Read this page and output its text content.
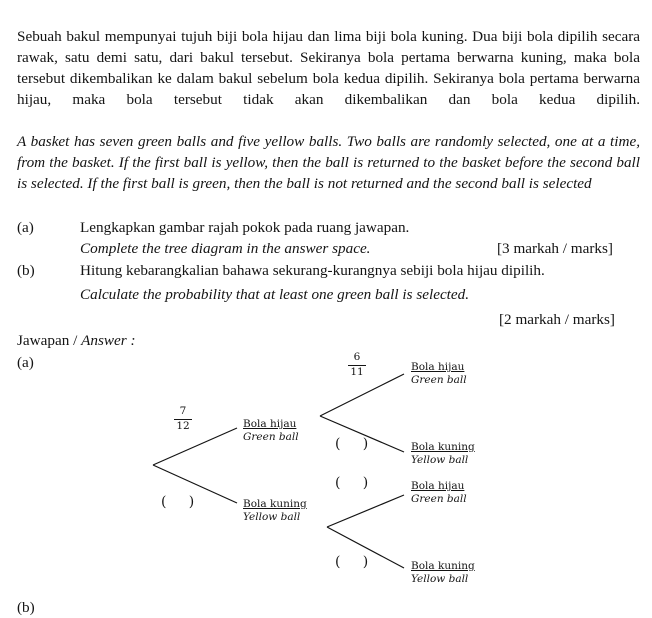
Sebuah bakul mempunyai tujuh biji bola hijau dan lima biji bola kuning. Dua biji bola dipilih secara rawak, satu demi satu, dari bakul tersebut. Sekiranya bola pertama berwarna kuning, maka bola tersebut dikembalikan ke dalam bakul sebelum bola kedua dipilih. Sekiranya bola pertama berwarna hijau, maka bola tersebut tidak akan dikembalikan dan bola kedua dipilih.
A basket has seven green balls and five yellow balls. Two balls are randomly selected, one at a time, from the basket. If the first ball is yellow, then the ball is returned to the basket before the second ball is selected. If the first ball is green, then the ball is not returned and the second ball is selected
(a)	Lengkapkan gambar rajah pokok pada ruang jawapan.
Complete the tree diagram in the answer space.	[3 markah / marks]
(b)	Hitung kebarangkalian bahawa sekurang-kurangnya sebiji bola hijau dipilih.
Calculate the probability that at least one green ball is selected.
[2 markah / marks]
Jawapan / Answer :
(a)
(b)
7
12	Bola hijau
Green ball
(     )	Bola kuning
Yellow ball
6
11	Bola hijau
Green ball
(     )	Bola kuning
Yellow ball
(     )	Bola hijau
Green ball
(     )	Bola kuning
Yellow ball
